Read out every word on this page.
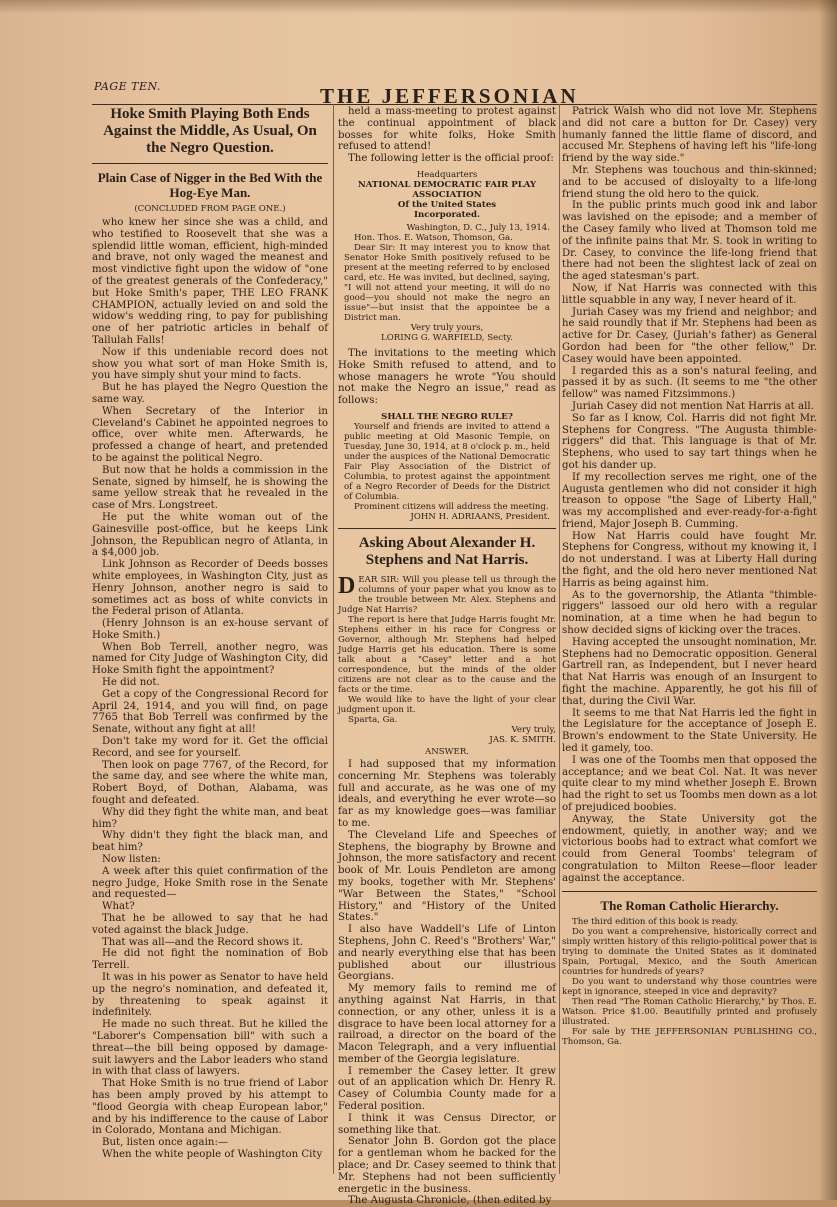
PAGE TEN.	THE JEFFERSONIAN
Hoke Smith Playing Both Ends Against the Middle, As Usual, On the Negro Question.
Plain Case of Nigger in the Bed With the Hog-Eye Man.

(CONCLUDED FROM PAGE ONE.)

who knew her since she was a child, and who testified to Roosevelt that she was a splendid little woman, efficient, high-minded and brave, not only waged the meanest and most vindictive fight upon the widow of "one of the greatest generals of the Confederacy," but Hoke Smith's paper, THE LEO FRANK CHAMPION, actually levied on and sold the widow's wedding ring, to pay for publishing one of her patriotic articles in behalf of Tallulah Falls!

Now if this undeniable record does not show you what sort of man Hoke Smith is, you have simply shut your mind to facts.

But he has played the Negro Question the same way.

When Secretary of the Interior in Cleveland's Cabinet he appointed negroes to office, over white men. Afterwards, he professed a change of heart, and pretended to be against the political Negro.

But now that he holds a commission in the Senate, signed by himself, he is showing the same yellow streak that he revealed in the case of Mrs. Longstreet.

He put the white woman out of the Gainesville post-office, but he keeps Link Johnson, the Republican negro of Atlanta, in a $4,000 job.

Link Johnson as Recorder of Deeds bosses white employees, in Washington City, just as Henry Johnson, another negro is said to sometimes act as boss of white convicts in the Federal prison of Atlanta.

(Henry Johnson is an ex-house servant of Hoke Smith.)

When Bob Terrell, another negro, was named for City Judge of Washington City, did Hoke Smith fight the appointment?

He did not.

Get a copy of the Congressional Record for April 24, 1914, and you will find, on page 7765 that Bob Terrell was confirmed by the Senate, without any fight at all!

Don't take my word for it. Get the official Record, and see for yourself.

Then look on page 7767, of the Record, for the same day, and see where the white man, Robert Boyd, of Dothan, Alabama, was fought and defeated.

Why did they fight the white man, and beat him?

Why didn't they fight the black man, and beat him?

Now listen:

A week after this quiet confirmation of the negro Judge, Hoke Smith rose in the Senate and requested—

What?

That he be allowed to say that he had voted against the black Judge.

That was all—and the Record shows it.

He did not fight the nomination of Bob Terrell.

It was in his power as Senator to have held up the negro's nomination, and defeated it, by threatening to speak against it indefinitely.

He made no such threat. But he killed the "Laborer's Compensation bill" with such a threat—the bill being opposed by damage-suit lawyers and the Labor leaders who stand in with that class of lawyers.

That Hoke Smith is no true friend of Labor has been amply proved by his attempt to "flood Georgia with cheap European labor," and by his indifference to the cause of Labor in Colorado, Montana and Michigan.

But, listen once again:—

When the white people of Washington City

held a mass-meeting to protest against the continual appointment of black bosses for white folks, Hoke Smith refused to attend!

The following letter is the official proof:

Headquarters

NATIONAL DEMOCRATIC FAIR PLAY ASSOCIATION

Of the United States

Incorporated.

Washington, D. C., July 13, 1914.

Hon. Thos. E. Watson, Thomson, Ga.

Dear Sir: It may interest you to know that Senator Hoke Smith positively refused to be present at the meeting referred to by enclosed card, etc. He was invited, but declined, saying, "I will not attend your meeting, it will do no good—you should not make the negro an issue"—but insist that the appointee be a District man.

Very truly yours,

LORING G. WARFIELD, Secty.

The invitations to the meeting which Hoke Smith refused to attend, and to whose managers he wrote "You should not make the Negro an issue," read as follows:

SHALL THE NEGRO RULE?

Yourself and friends are invited to attend a public meeting at Old Masonic Temple, on Tuesday, June 30, 1914, at 8 o'clock p. m., held under the auspices of the National Democratic Fair Play Association of the District of Columbia, to protest against the appointment of a Negro Recorder of Deeds for the District of Columbia.

Prominent citizens will address the meeting.

JOHN H. ADRIAANS, President.

Asking About Alexander H. Stephens and Nat Harris.

DEAR SIR: Will you please tell us through the columns of your paper what you know as to the trouble between Mr. Alex. Stephens and Judge Nat Harris?

The report is here that Judge Harris fought Mr. Stephens either in his race for Congress or Governor, although Mr. Stephens had helped Judge Harris get his education. There is some talk about a "Casey" letter and a hot correspondence, but the minds of the older citizens are not clear as to the cause and the facts or the time.

We would like to have the light of your clear judgment upon it.

Sparta, Ga.

Very truly,

JAS. K. SMITH.

ANSWER.

I had supposed that my information concerning Mr. Stephens was tolerably full and accurate, as he was one of my ideals, and everything he ever wrote—so far as my knowledge goes—was familiar to me.

The Cleveland Life and Speeches of Stephens, the biography by Browne and Johnson, the more satisfactory and recent book of Mr. Louis Pendleton are among my books, together with Mr. Stephens' "War Between the States," "School History," and "History of the United States."

I also have Waddell's Life of Linton Stephens, John C. Reed's "Brothers' War," and nearly everything else that has been published about our illustrious Georgians.

My memory fails to remind me of anything against Nat Harris, in that connection, or any other, unless it is a disgrace to have been local attorney for a railroad, a director on the board of the Macon Telegraph, and a very influential member of the Georgia legislature.

I remember the Casey letter. It grew out of an application which Dr. Henry R. Casey of Columbia County made for a Federal position.

I think it was Census Director, or something like that.

Senator John B. Gordon got the place for a gentleman whom he backed for the place; and Dr. Casey seemed to think that Mr. Stephens had not been sufficiently energetic in the business.

The Augusta Chronicle, (then edited by

Patrick Walsh who did not love Mr. Stephens and did not care a button for Dr. Casey) very humanly fanned the little flame of discord, and accused Mr. Stephens of having left his "life-long friend by the way side."

Mr. Stephens was touchous and thin-skinned; and to be accused of disloyalty to a life-long friend stung the old hero to the quick.

In the public prints much good ink and labor was lavished on the episode; and a member of the Casey family who lived at Thomson told me of the infinite pains that Mr. S. took in writing to Dr. Casey, to convince the life-long friend that there had not been the slightest lack of zeal on the aged statesman's part.

Now, if Nat Harris was connected with this little squabble in any way, I never heard of it.

Juriah Casey was my friend and neighbor; and he said roundly that if Mr. Stephens had been as active for Dr. Casey, (Juriah's father) as General Gordon had been for "the other fellow," Dr. Casey would have been appointed.

I regarded this as a son's natural feeling, and passed it by as such. (It seems to me "the other fellow" was named Fitzsimmons.)

Juriah Casey did not mention Nat Harris at all.

So far as I know, Col. Harris did not fight Mr. Stephens for Congress. "The Augusta thimble-riggers" did that. This language is that of Mr. Stephens, who used to say tart things when he got his dander up.

If my recollection serves me right, one of the Augusta gentlemen who did not consider it high treason to oppose "the Sage of Liberty Hall," was my accomplished and ever-ready-for-a-fight friend, Major Joseph B. Cumming.

How Nat Harris could have fought Mr. Stephens for Congress, without my knowing it, I do not understand. I was at Liberty Hall during the fight, and the old hero never mentioned Nat Harris as being against him.

As to the governorship, the Atlanta "thimble-riggers" lassoed our old hero with a regular nomination, at a time when he had begun to show decided signs of kicking over the traces.

Having accepted the unsought nomination, Mr. Stephens had no Democratic opposition. General Gartrell ran, as Independent, but I never heard that Nat Harris was enough of an Insurgent to fight the machine. Apparently, he got his fill of that, during the Civil War.

It seems to me that Nat Harris led the fight in the Legislature for the acceptance of Joseph E. Brown's endowment to the State University. He led it gamely, too.

I was one of the Toombs men that opposed the acceptance; and we beat Col. Nat. It was never quite clear to my mind whether Joseph E. Brown had the right to set us Toombs men down as a lot of prejudiced boobies.

Anyway, the State University got the endowment, quietly, in another way; and we victorious boobs had to extract what comfort we could from General Toombs' telegram of congratulation to Milton Reese—floor leader against the acceptance.

The Roman Catholic Hierarchy.

The third edition of this book is ready.

Do you want a comprehensive, historically correct and simply written history of this religio-political power that is trying to dominate the United States as it dominated Spain, Portugal, Mexico, and the South American countries for hundreds of years?

Do you want to understand why those countries were kept in ignorance, steeped in vice and depravity?

Then read "The Roman Catholic Hierarchy," by Thos. E. Watson. Price $1.00. Beautifully printed and profusely illustrated.

For sale by THE JEFFERSONIAN PUBLISHING CO., Thomson, Ga.
